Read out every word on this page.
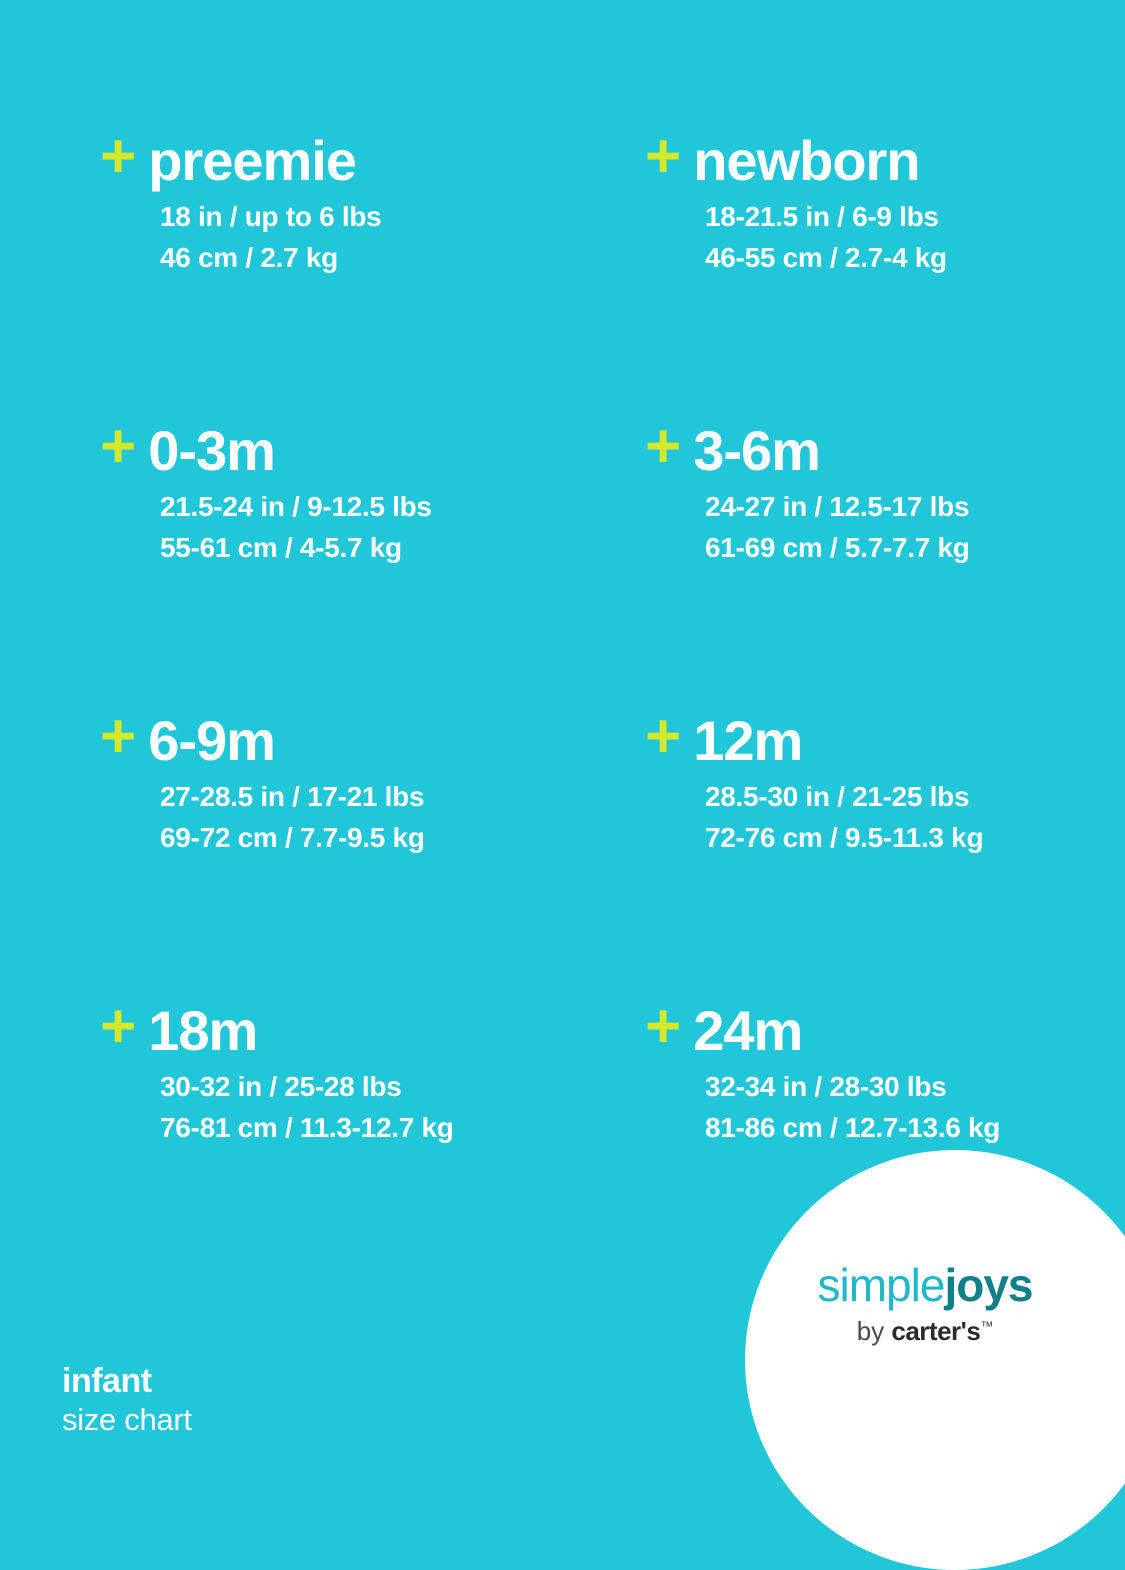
+ preemie
18 in / up to 6 lbs
46 cm / 2.7 kg
+ newborn
18-21.5 in / 6-9 lbs
46-55 cm / 2.7-4 kg
+ 0-3m
21.5-24 in / 9-12.5 lbs
55-61 cm / 4-5.7 kg
+ 3-6m
24-27 in / 12.5-17 lbs
61-69 cm / 5.7-7.7 kg
+ 6-9m
27-28.5 in / 17-21 lbs
69-72 cm / 7.7-9.5 kg
+ 12m
28.5-30 in / 21-25 lbs
72-76 cm / 9.5-11.3 kg
+ 18m
30-32 in / 25-28 lbs
76-81 cm / 11.3-12.7 kg
+ 24m
32-34 in / 28-30 lbs
81-86 cm / 12.7-13.6 kg
infant
size chart
simplejoys
by carter's™
